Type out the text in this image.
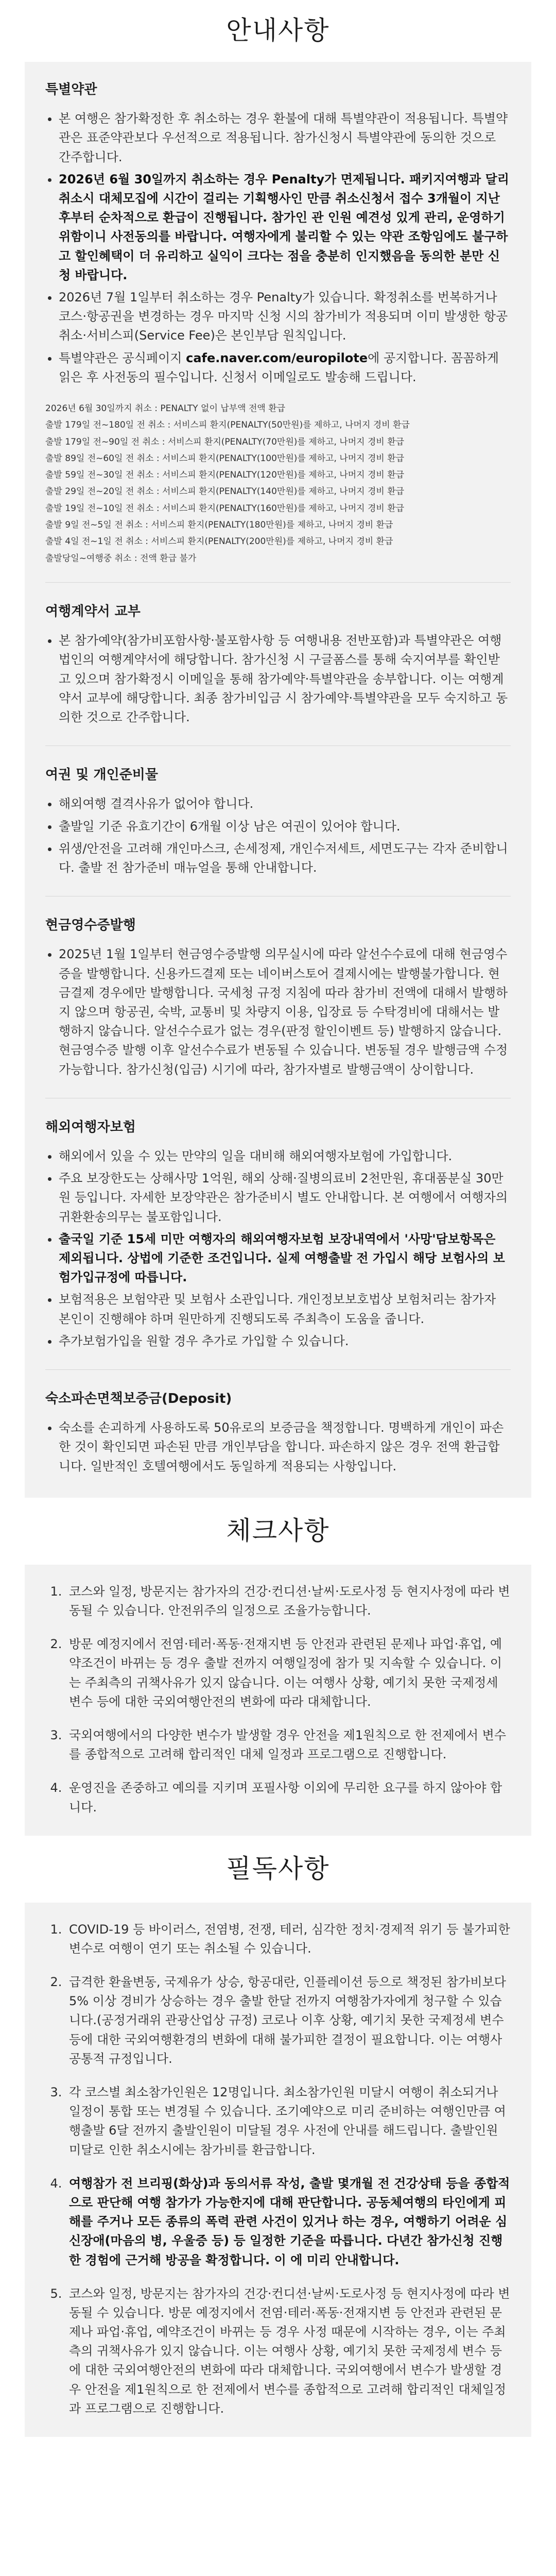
안내사항
특별약관
• 본 여행은 참가확정한 후 취소하는 경우 환불에 대해 특별약관이 적용됩니다. 특별약관은 표준약관보다 우선적으로 적용됩니다. 참가신청시 특별약관에 동의한 것으로 간주합니다.
• 2026년 6월 30일까지 취소하는 경우 Penalty가 면제됩니다. 패키지여행과 달리 취소시 대체모집에 시간이 걸리는 기획행사인 만큼 취소신청서 접수 3개월이 지난 후부터 순차적으로 환급이 진행됩니다. 참가인 관 인원 예견성 있게 관리, 운영하기 위함이니 사전동의를 바랍니다. 여행자에게 불리할 수 있는 약관 조항임에도 불구하고 할인혜택이 더 유리하고 실익이 크다는 점을 충분히 인지했음을 동의한 분만 신청 바랍니다.
• 2026년 7월 1일부터 취소하는 경우 Penalty가 있습니다. 확정취소를 번복하거나 코스·항공권을 변경하는 경우 마지막 신청 시의 참가비가 적용되며 이미 발생한 항공취소·서비스피(Service Fee)은 본인부담 원칙입니다.
• 특별약관은 공식페이지 cafe.naver.com/europilote에 공지합니다. 꼼꼼하게 읽은 후 사전동의 필수입니다. 신청서 이메일로도 발송해 드립니다.
2026년 6월 30일까지 취소 : PENALTY 없이 납부액 전액 환급
출발 179일 전~180일 전 취소 : 서비스피 환지(PENALTY(50만원)를 제하고, 나머지 경비 환급
출발 179일 전~90일 전 취소 : 서비스피 환지(PENALTY(70만원)를 제하고, 나머지 경비 환급
출발 89일 전~60일 전 취소 : 서비스피 환지(PENALTY(100만원)를 제하고, 나머지 경비 환급
출발 59일 전~30일 전 취소 : 서비스피 환지(PENALTY(120만원)를 제하고, 나머지 경비 환급
출발 29일 전~20일 전 취소 : 서비스피 환지(PENALTY(140만원)를 제하고, 나머지 경비 환급
출발 19일 전~10일 전 취소 : 서비스피 환지(PENALTY(160만원)를 제하고, 나머지 경비 환급
출발 9일 전~5일 전 취소 : 서비스피 환지(PENALTY(180만원)를 제하고, 나머지 경비 환급
출발 4일 전~1일 전 취소 : 서비스피 환지(PENALTY(200만원)를 제하고, 나머지 경비 환급
출발당일~여행중 취소 : 전액 환급 불가
여행계약서 교부
• 본 참가예약(참가비포함사항·불포함사항 등 여행내용 전반포함)과 특별약관은 여행법인의 여행계약서에 해당합니다. 참가신청 시 구글폼스를 통해 숙지여부를 확인받고 있으며 참가확정시 이메일을 통해 참가예약·특별약관을 송부합니다. 이는 여행계약서 교부에 해당합니다. 최종 참가비입금 시 참가예약·특별약관을 모두 숙지하고 동의한 것으로 간주합니다.
여권 및 개인준비물
• 해외여행 결격사유가 없어야 합니다.
• 출발일 기준 유효기간이 6개월 이상 남은 여권이 있어야 합니다.
• 위생/안전을 고려해 개인마스크, 손세정제, 개인수저세트, 세면도구는 각자 준비합니다. 출발 전 참가준비 매뉴얼을 통해 안내합니다.
현금영수증발행
• 2025년 1월 1일부터 현금영수증발행 의무실시에 따라 알선수수료에 대해 현금영수증을 발행합니다. 신용카드결제 또는 네이버스토어 결제시에는 발행불가합니다. 현금결제 경우에만 발행합니다. 국세청 규정 지침에 따라 참가비 전액에 대해서 발행하지 않으며 항공권, 숙박, 교통비 및 차량지 이용, 입장료 등 수탁경비에 대해서는 발행하지 않습니다. 알선수수료가 없는 경우(판정 할인이벤트 등) 발행하지 않습니다. 현금영수증 발행 이후 알선수수료가 변동될 수 있습니다. 변동될 경우 발행금액 수정가능합니다. 참가신청(입금) 시기에 따라, 참가자별로 발행금액이 상이합니다.
해외여행자보험
• 해외에서 있을 수 있는 만약의 일을 대비해 해외여행자보험에 가입합니다.
• 주요 보장한도는 상해사망 1억원, 해외 상해·질병의료비 2천만원, 휴대품분실 30만원 등입니다. 자세한 보장약관은 참가준비시 별도 안내합니다. 본 여행에서 여행자의 귀환환송의무는 불포함입니다.
• 출국일 기준 15세 미만 여행자의 해외여행자보험 보장내역에서 '사망'담보항목은 제외됩니다. 상법에 기준한 조건입니다. 실제 여행출발 전 가입시 해당 보험사의 보험가입규정에 따릅니다.
• 보험적용은 보험약관 및 보험사 소관입니다. 개인정보보호법상 보험처리는 참가자 본인이 진행해야 하며 원만하게 진행되도록 주최측이 도움을 줍니다.
• 추가보험가입을 원할 경우 추가로 가입할 수 있습니다.
숙소파손면책보증금(Deposit)
• 숙소를 손괴하게 사용하도록 50유로의 보증금을 책정합니다. 명백하게 개인이 파손한 것이 확인되면 파손된 만큼 개인부담을 합니다. 파손하지 않은 경우 전액 환급합니다. 일반적인 호텔여행에서도 동일하게 적용되는 사항입니다.
체크사항
1. 코스와 일정, 방문지는 참가자의 건강·컨디션·날씨·도로사정 등 현지사정에 따라 변동될 수 있습니다. 안전위주의 일정으로 조율가능합니다.
2. 방문 예정지에서 전염·테러·폭동·전재지변 등 안전과 관련된 문제나 파업·휴업, 예약조건이 바뀌는 등 경우 출발 전까지 여행일정에 참가 및 지속할 수 있습니다. 이는 주최측의 귀책사유가 있지 않습니다. 이는 여행사 상황, 예기치 못한 국제정세 변수 등에 대한 국외여행안전의 변화에 따라 대체합니다.
3. 국외여행에서의 다양한 변수가 발생할 경우 안전을 제1원칙으로 한 전제에서 변수를 종합적으로 고려해 합리적인 대체 일정과 프로그램으로 진행합니다.
4. 운영진을 존중하고 예의를 지키며 포필사항 이외에 무리한 요구를 하지 않아야 합니다.
필독사항
1. COVID-19 등 바이러스, 전염병, 전쟁, 테러, 심각한 정치·경제적 위기 등 불가피한 변수로 여행이 연기 또는 취소될 수 있습니다.
2. 급격한 환율변동, 국제유가 상승, 항공대란, 인플레이션 등으로 책정된 참가비보다 5% 이상 경비가 상승하는 경우 출발 한달 전까지 여행참가자에게 청구할 수 있습니다.(공정거래위 관광산업상 규정) 코로나 이후 상황, 예기치 못한 국제정세 변수 등에 대한 국외여행환경의 변화에 대해 불가피한 결정이 필요합니다. 이는 여행사 공통적 규정입니다.
3. 각 코스별 최소참가인원은 12명입니다. 최소참가인원 미달시 여행이 취소되거나 일정이 통합 또는 변경될 수 있습니다. 조기예약으로 미리 준비하는 여행인만큼 여행출발 6달 전까지 출발인원이 미달될 경우 사전에 안내를 해드립니다. 출발인원 미달로 인한 취소시에는 참가비를 환급합니다.
4. 여행참가 전 브리핑(화상)과 동의서류 작성, 출발 몇개월 전 건강상태 등을 종합적으로 판단해 여행 참가가 가능한지에 대해 판단합니다. 공동체여행의 타인에게 피해를 주거나 모든 종류의 폭력 관련 사건이 있거나 하는 경우, 여행하기 어려운 심신장애(마음의 병, 우울증 등) 등 일정한 기준을 따릅니다. 다년간 참가신청 진행한 경험에 근거해 방공을 확정합니다. 이 에 미리 안내합니다.
5. 코스와 일정, 방문지는 참가자의 건강·컨디션·날씨·도로사정 등 현지사정에 따라 변동될 수 있습니다. 방문 예정지에서 전염·테러·폭동·전재지변 등 안전과 관련된 문제나 파업·휴업, 예약조건이 바뀌는 등 경우 사정 때문에 시작하는 경우, 이는 주최측의 귀책사유가 있지 않습니다. 이는 여행사 상황, 예기치 못한 국제정세 변수 등에 대한 국외여행안전의 변화에 따라 대체합니다. 국외여행에서 변수가 발생할 경우 안전을 제1원칙으로 한 전제에서 변수를 종합적으로 고려해 합리적인 대체일정과 프로그램으로 진행합니다.
